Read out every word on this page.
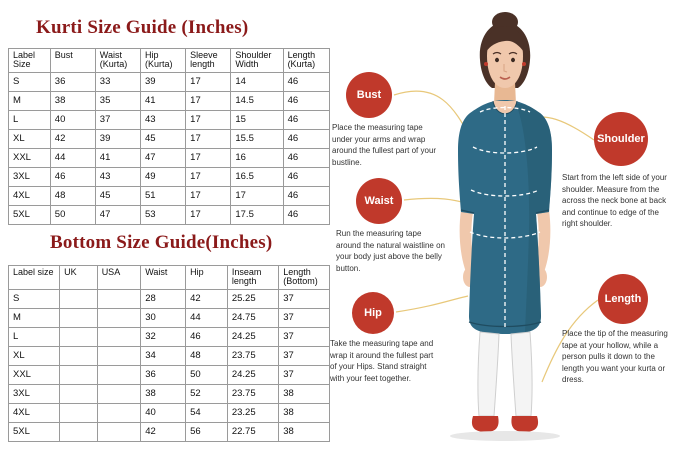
Kurti Size Guide (Inches)
Label Size	Bust	Waist (Kurta)	Hip (Kurta)	Sleeve length	Shoulder Width	Length (Kurta)
S	36	33	39	17	14	46
M	38	35	41	17	14.5	46
L	40	37	43	17	15	46
XL	42	39	45	17	15.5	46
XXL	44	41	47	17	16	46
3XL	46	43	49	17	16.5	46
4XL	48	45	51	17	17	46
5XL	50	47	53	17	17.5	46
Bottom Size Guide(Inches)
Label size	UK	USA	Waist	Hip	Inseam length	Length (Bottom)
S			28	42	25.25	37
M			30	44	24.75	37
L			32	46	24.25	37
XL			34	48	23.75	37
XXL			36	50	24.25	37
3XL			38	52	23.75	38
4XL			40	54	23.25	38
5XL			42	56	22.75	38
Bust
Place the measuring tape under your arms and wrap around the fullest part of your bustline.
Waist
Run the measuring tape around the natural waistline on your body just above the belly button.
Hip
Take the measuring tape and wrap it around the fullest part of your Hips. Stand straight with your feet together.
Shoulder
Start from the left side of your shoulder. Measure from the across the neck bone at back and continue to edge of the right shoulder.
Length
Place the tip of the measuring tape at your hollow, while a person pulls it down to the length you want your kurta or dress.
